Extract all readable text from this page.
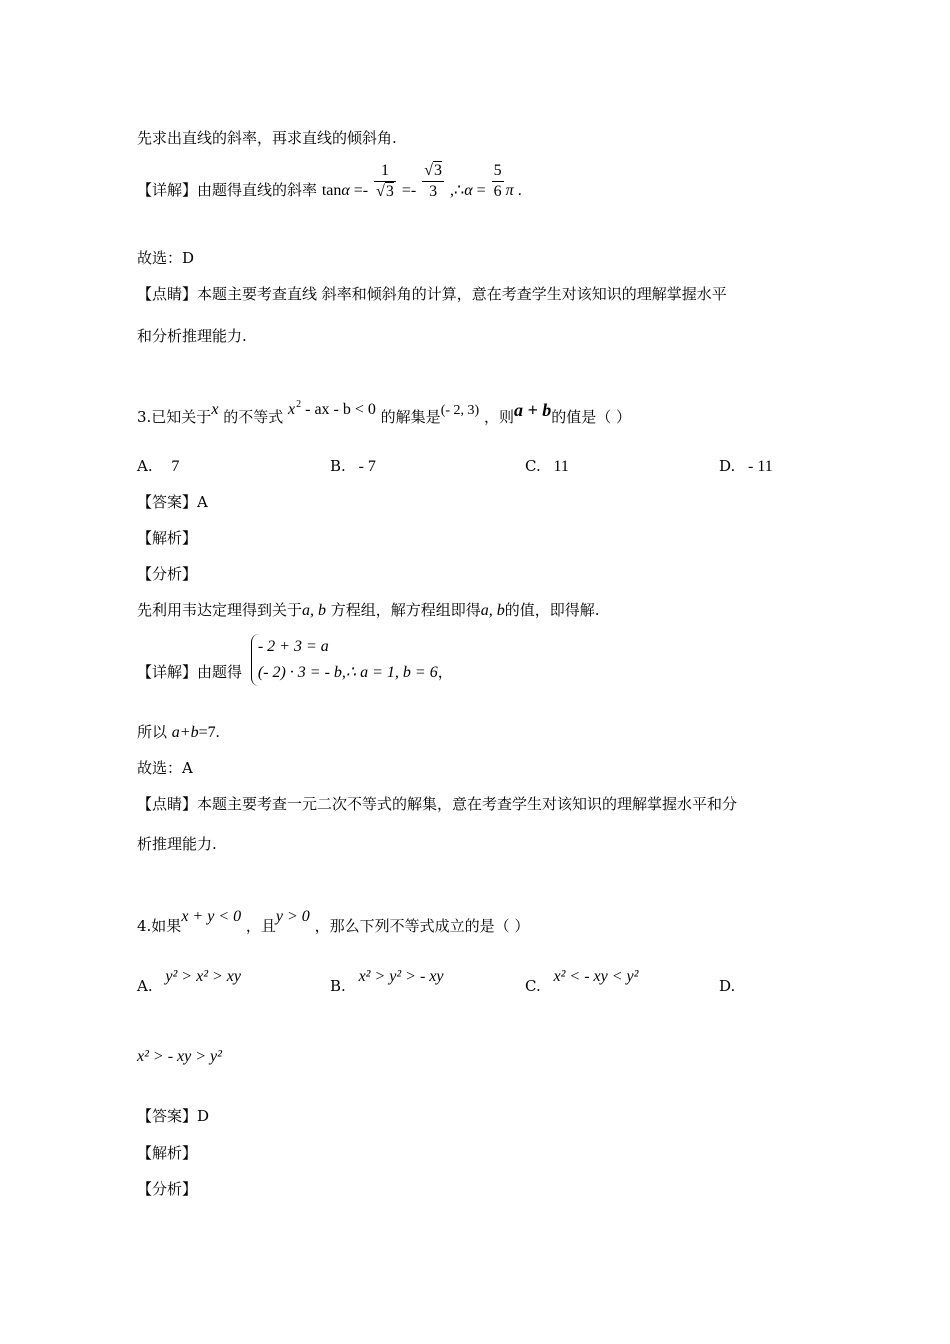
先求出直线的斜率，再求直线的倾斜角.
【详解】由题得直线的斜率 $\tan\alpha =- \frac{1}{√3} =- \frac{√3}{3}$ ,∴α = $\frac{5}{6}$ π .
故选：D
【点睛】本题主要考查直线 斜率和倾斜角的计算，意在考查学生对该知识的理解掌握水平
和分析推理能力.
3.已知关于x 的不等式 $x^2$ - ax - b < 0 的解集是(- 2, 3) ，则a + b的值是（ ）
A. 7	B. - 7	C. 11	D. - 11
【答案】A
【解析】
【分析】
先利用韦达定理得到关于a, b 方程组，解方程组即得a, b的值，即得解.
【详解】由题得
- 2 + 3 = a
(- 2) · 3 = - b ,∴ a = 1, b = 6，
所以 a+b=7.
故选：A
【点睛】本题主要考查一元二次不等式的解集，意在考查学生对该知识的理解掌握水平和分
析推理能力.
4.如果x + y < 0 ，且y > 0 ，那么下列不等式成立的是（ ）
A. y² > x² > xy
B. x² > y² > - xy
C. x² < - xy < y²
D.
x² > - xy > y²
【答案】D
【解析】
【分析】
